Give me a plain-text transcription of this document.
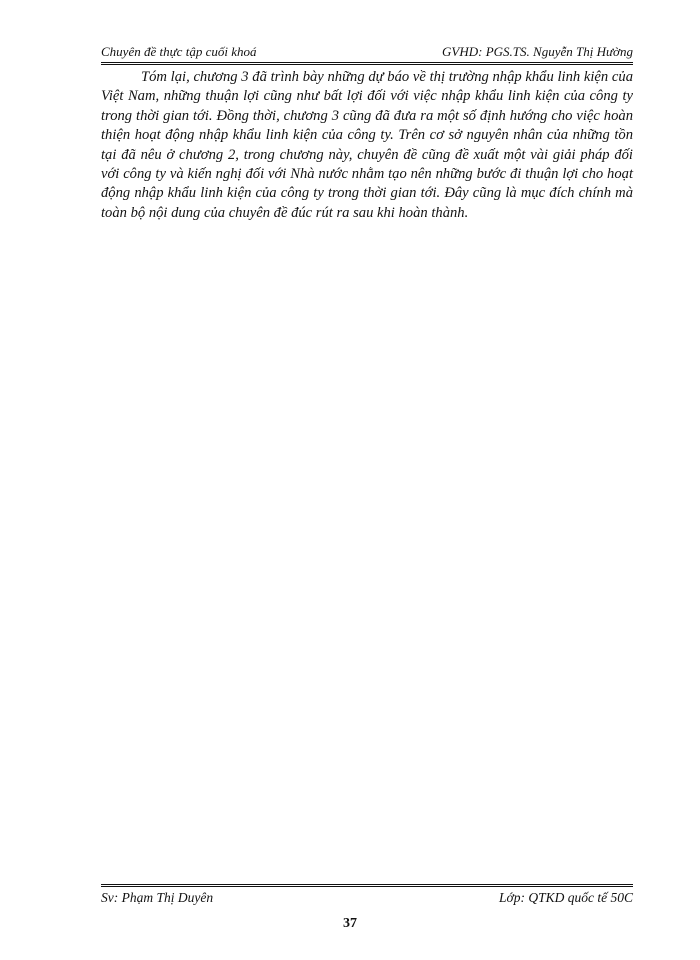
Chuyên đề thực tập cuối khoá	GVHD: PGS.TS. Nguyễn Thị Hường

Tóm lại, chương 3 đã trình bày những dự báo về thị trường nhập khẩu linh kiện của Việt Nam, những thuận lợi cũng như bất lợi đối với việc nhập khẩu linh kiện của công ty trong thời gian tới. Đồng thời, chương 3 cũng đã đưa ra một số định hướng cho việc hoàn thiện hoạt động nhập khẩu linh kiện của công ty. Trên cơ sở nguyên nhân của những tồn tại đã nêu ở chương 2, trong chương này, chuyên đề cũng đề xuất một vài giải pháp đối với công ty và kiến nghị đối với Nhà nước nhằm tạo nên những bước đi thuận lợi cho hoạt động nhập khẩu linh kiện của công ty trong thời gian tới. Đây cũng là mục đích chính mà toàn bộ nội dung của chuyên đề đúc rút ra sau khi hoàn thành.

Sv: Phạm Thị Duyên	Lớp: QTKD quốc tế 50C
37
